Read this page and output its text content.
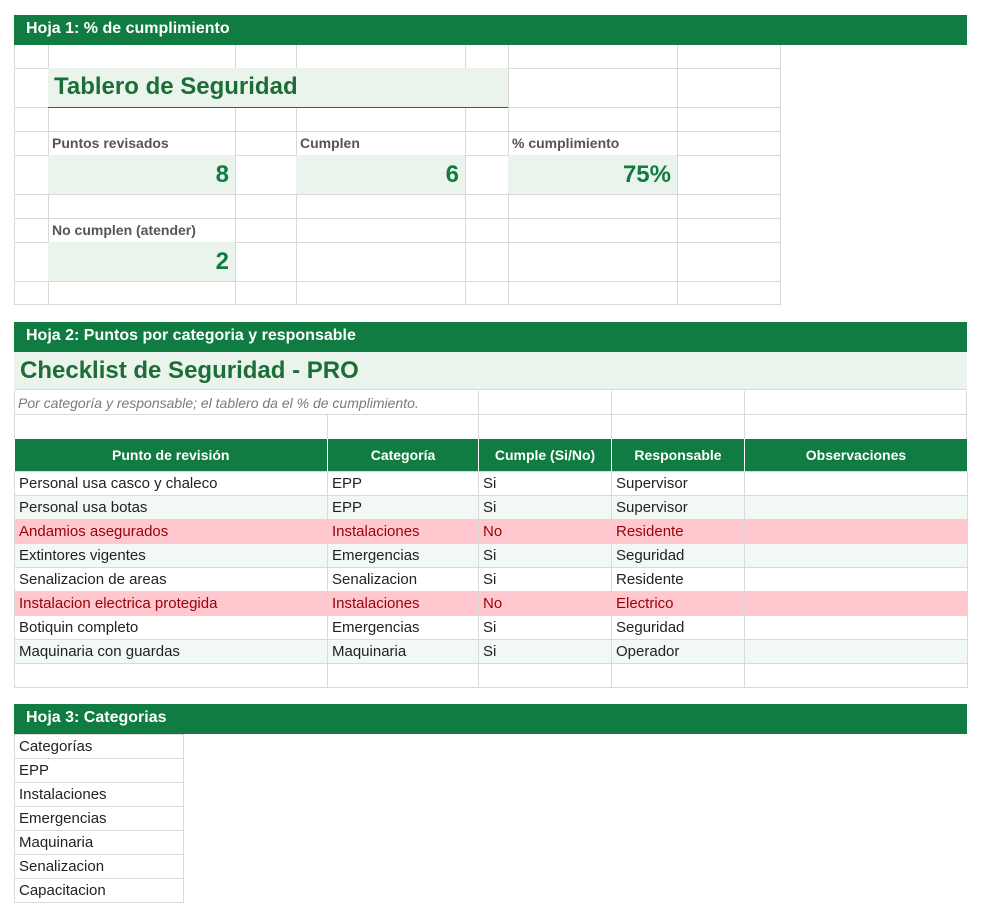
Hoja 1: % de cumplimiento
Tablero de Seguridad
Puntos revisados
8
Cumplen
6
% cumplimiento
75%
No cumplen (atender)
2
Hoja 2: Puntos por categoria y responsable
Checklist de Seguridad - PRO
Por categoría y responsable; el tablero da el % de cumplimiento.
Punto de revisión	Categoría	Cumple (Si/No)	Responsable	Observaciones
Personal usa casco y chaleco	EPP	Si	Supervisor	
Personal usa botas	EPP	Si	Supervisor	
Andamios asegurados	Instalaciones	No	Residente	
Extintores vigentes	Emergencias	Si	Seguridad	
Senalizacion de areas	Senalizacion	Si	Residente	
Instalacion electrica protegida	Instalaciones	No	Electrico	
Botiquin completo	Emergencias	Si	Seguridad	
Maquinaria con guardas	Maquinaria	Si	Operador	

Hoja 3: Categorias
Categorías
EPP
Instalaciones
Emergencias
Maquinaria
Senalizacion
Capacitacion
